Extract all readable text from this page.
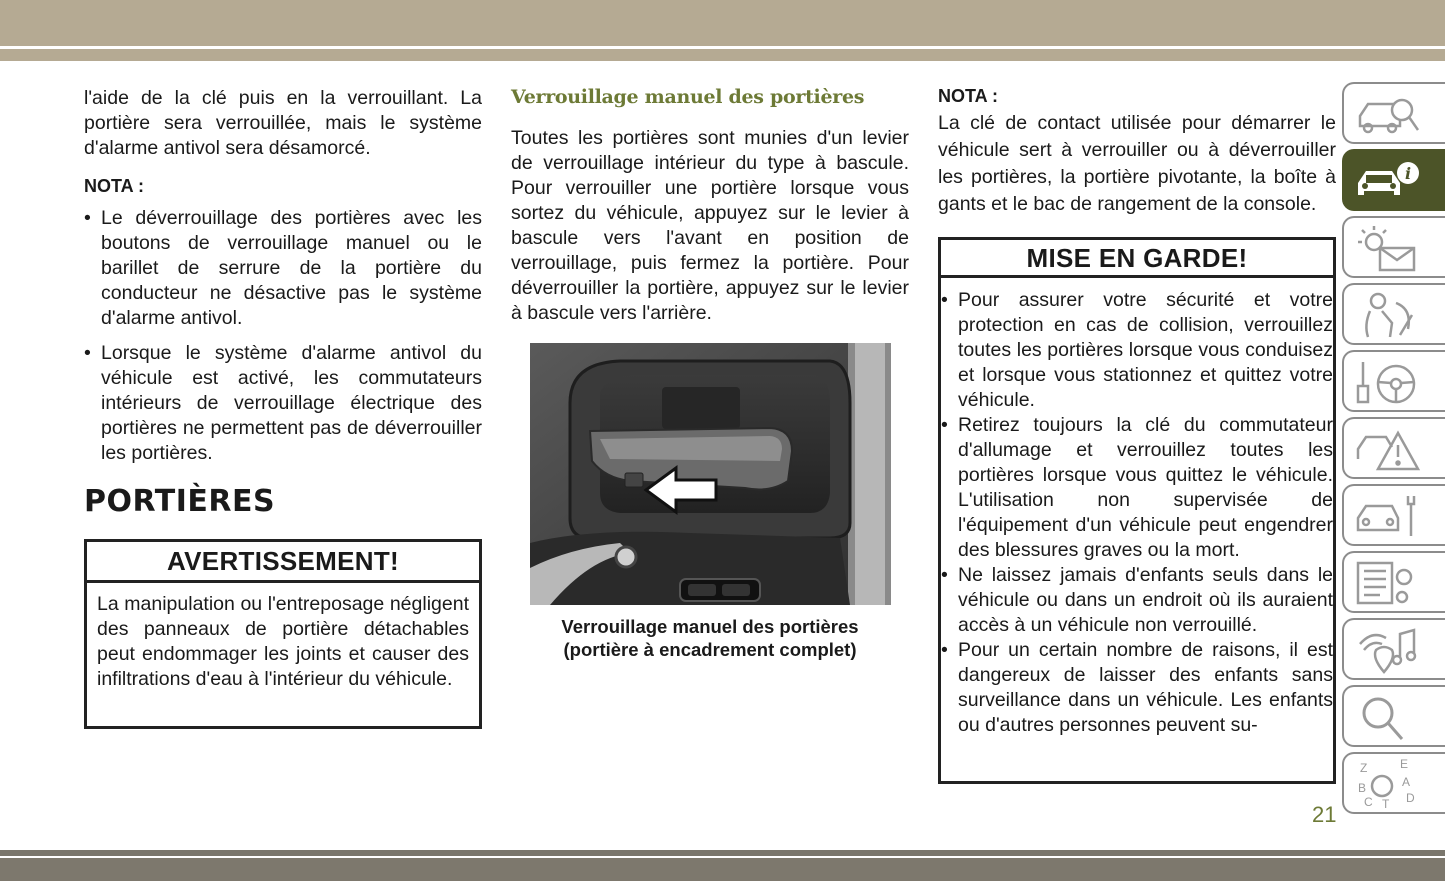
l'aide de la clé puis en la verrouillant. La portière sera verrouillée, mais le système d'alarme antivol sera désamorcé.

NOTA :

• Le déverrouillage des portières avec les boutons de verrouillage manuel ou le barillet de serrure de la portière du conducteur ne désactive pas le système d'alarme antivol.
• Lorsque le système d'alarme antivol du véhicule est activé, les commutateurs intérieurs de verrouillage électrique des portières ne permettent pas de déverrouiller les portières.
PORTIÈRES
AVERTISSEMENT!

La manipulation ou l'entreposage négligent des panneaux de portière détachables peut endommager les joints et causer des infiltrations d'eau à l'intérieur du véhicule.

Verrouillage manuel des portières

Toutes les portières sont munies d'un levier de verrouillage intérieur du type à bascule. Pour verrouiller une portière lorsque vous sortez du véhicule, appuyez sur le levier à bascule vers l'avant en position de verrouillage, puis fermez la portière. Pour déverrouiller la portière, appuyez sur le levier à bascule vers l'arrière.

Verrouillage manuel des portières
(portière à encadrement complet)

NOTA :

La clé de contact utilisée pour démarrer le véhicule sert à verrouiller ou à déverrouiller les portières, la portière pivotante, la boîte à gants et le bac de rangement de la console.

MISE EN GARDE!
• Pour assurer votre sécurité et votre protection en cas de collision, verrouillez toutes les portières lorsque vous conduisez et lorsque vous stationnez et quittez votre véhicule.
• Retirez toujours la clé du commutateur d'allumage et verrouillez toutes les portières lorsque vous quittez le véhicule. L'utilisation non supervisée de l'équipement d'un véhicule peut engendrer des blessures graves ou la mort.
• Ne laissez jamais d'enfants seuls dans le véhicule ou dans un endroit où ils auraient accès à un véhicule non verrouillé.
• Pour un certain nombre de raisons, il est dangereux de laisser des enfants sans surveillance dans un véhicule. Les enfants ou d'autres personnes peuvent su-
i
Z	E
A
B
C T D
21
